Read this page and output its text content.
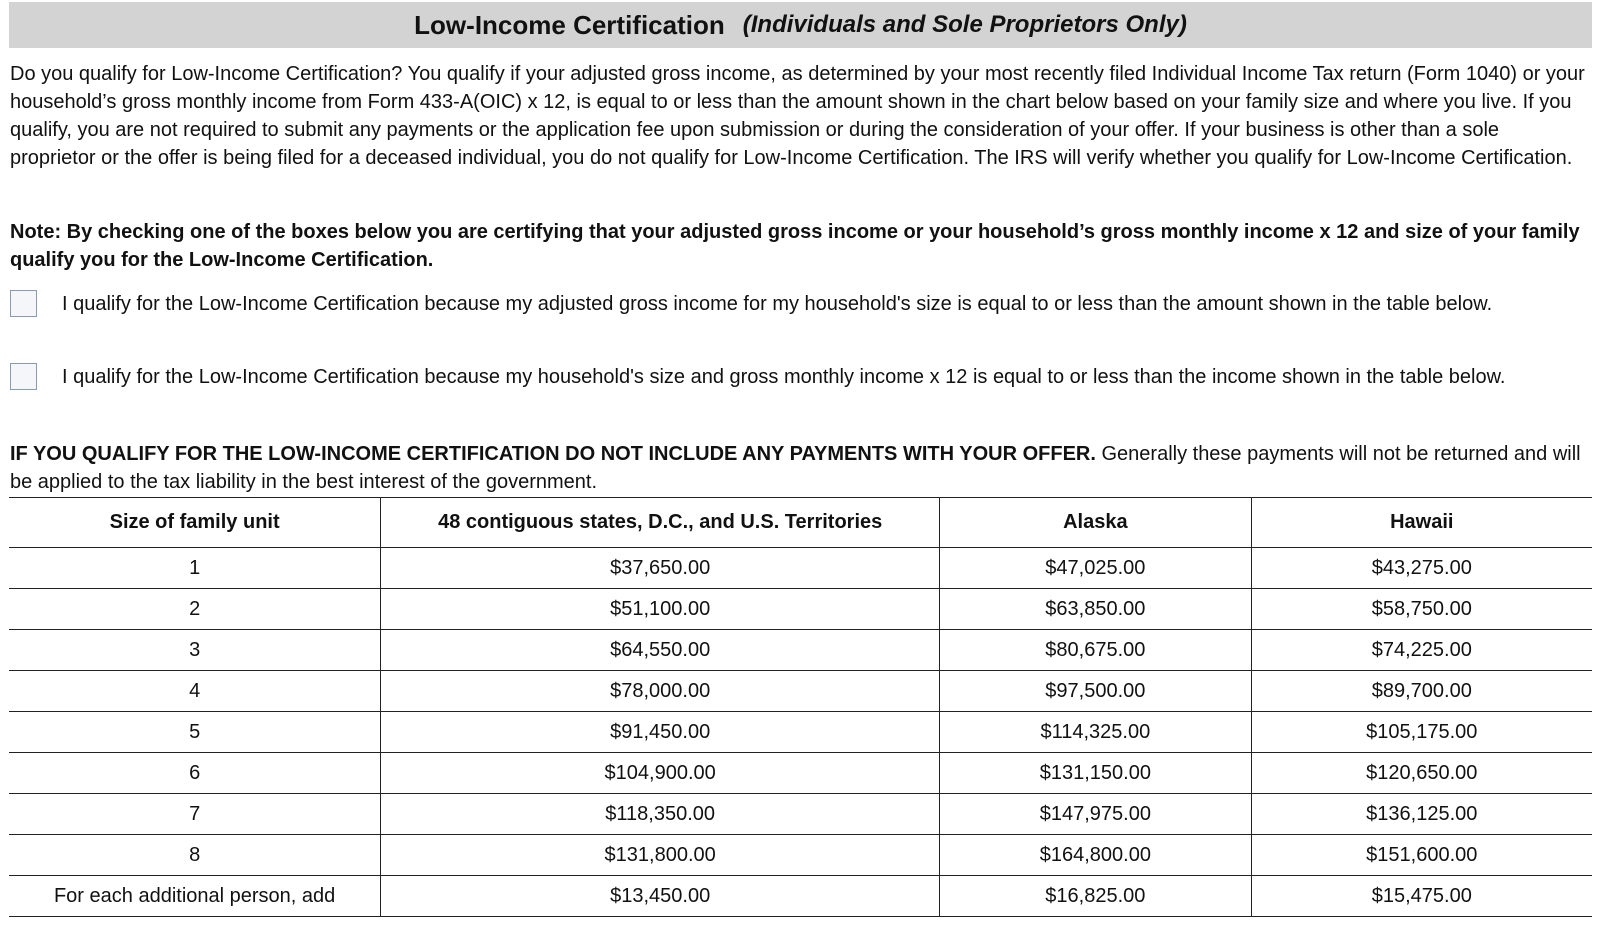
Low-Income Certification (Individuals and Sole Proprietors Only)

Do you qualify for Low-Income Certification? You qualify if your adjusted gross income, as determined by your most recently filed Individual Income Tax return (Form 1040) or your household’s gross monthly income from Form 433-A(OIC) x 12, is equal to or less than the amount shown in the chart below based on your family size and where you live. If you qualify, you are not required to submit any payments or the application fee upon submission or during the consideration of your offer. If your business is other than a sole proprietor or the offer is being filed for a deceased individual, you do not qualify for Low-Income Certification. The IRS will verify whether you qualify for Low-Income Certification.

Note: By checking one of the boxes below you are certifying that your adjusted gross income or your household’s gross monthly income x 12 and size of your family qualify you for the Low-Income Certification.

I qualify for the Low-Income Certification because my adjusted gross income for my household's size is equal to or less than the amount shown in the table below.
I qualify for the Low-Income Certification because my household's size and gross monthly income x 12 is equal to or less than the income shown in the table below.

IF YOU QUALIFY FOR THE LOW-INCOME CERTIFICATION DO NOT INCLUDE ANY PAYMENTS WITH YOUR OFFER. Generally these payments will not be returned and will be applied to the tax liability in the best interest of the government.

Size of family unit	48 contiguous states, D.C., and U.S. Territories	Alaska	Hawaii
1	$37,650.00	$47,025.00	$43,275.00
2	$51,100.00	$63,850.00	$58,750.00
3	$64,550.00	$80,675.00	$74,225.00
4	$78,000.00	$97,500.00	$89,700.00
5	$91,450.00	$114,325.00	$105,175.00
6	$104,900.00	$131,150.00	$120,650.00
7	$118,350.00	$147,975.00	$136,125.00
8	$131,800.00	$164,800.00	$151,600.00
For each additional person, add	$13,450.00	$16,825.00	$15,475.00
